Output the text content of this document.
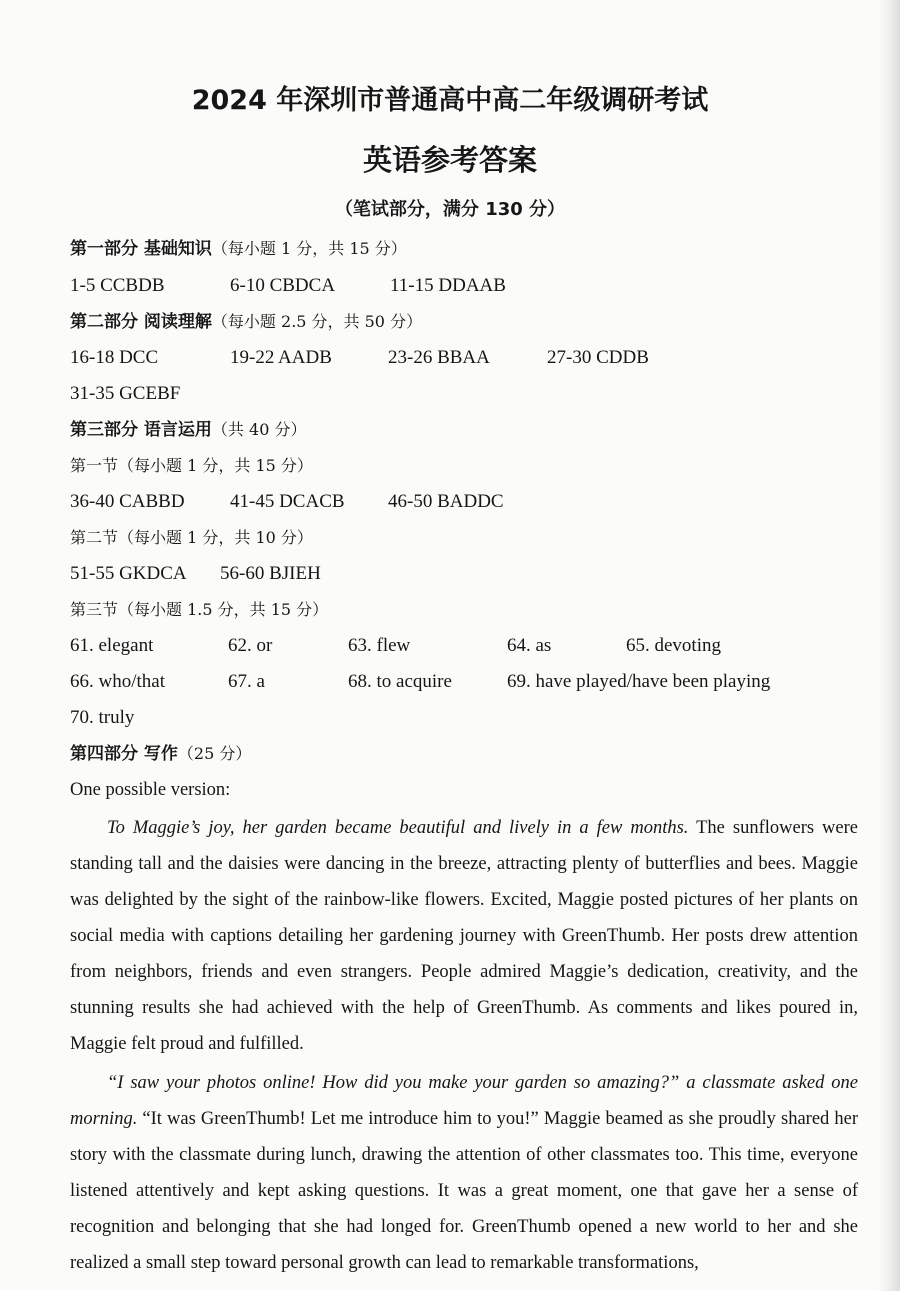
2024 年深圳市普通高中高二年级调研考试
英语参考答案
（笔试部分，满分 130 分）
第一部分 基础知识（每小题 1 分，共 15 分）
1-5 CCBDB	6-10 CBDCA	11-15 DDAAB
第二部分 阅读理解（每小题 2.5 分，共 50 分）
16-18 DCC	19-22 AADB	23-26 BBAA	27-30 CDDB
31-35 GCEBF
第三部分 语言运用（共 40 分）
第一节（每小题 1 分，共 15 分）
36-40 CABBD 41-45 DCACB 46-50 BADDC
第二节（每小题 1 分，共 10 分）
51-55 GKDCA 56-60 BJIEH
第三节（每小题 1.5 分，共 15 分）
61. elegant	62. or	63. flew	64. as	65. devoting
66. who/that	67. a	68. to acquire	69. have played/have been playing
70. truly
第四部分 写作（25 分）
One possible version:

To Maggie’s joy, her garden became beautiful and lively in a few months. The sunflowers were standing tall and the daisies were dancing in the breeze, attracting plenty of butterflies and bees. Maggie was delighted by the sight of the rainbow-like flowers. Excited, Maggie posted pictures of her plants on social media with captions detailing her gardening journey with GreenThumb. Her posts drew attention from neighbors, friends and even strangers. People admired Maggie’s dedication, creativity, and the stunning results she had achieved with the help of GreenThumb. As comments and likes poured in, Maggie felt proud and fulfilled.

“I saw your photos online! How did you make your garden so amazing?” a classmate asked one morning. “It was GreenThumb! Let me introduce him to you!” Maggie beamed as she proudly shared her story with the classmate during lunch, drawing the attention of other classmates too. This time, everyone listened attentively and kept asking questions. It was a great moment, one that gave her a sense of recognition and belonging that she had longed for. GreenThumb opened a new world to her and she realized a small step toward personal growth can lead to remarkable transformations,
